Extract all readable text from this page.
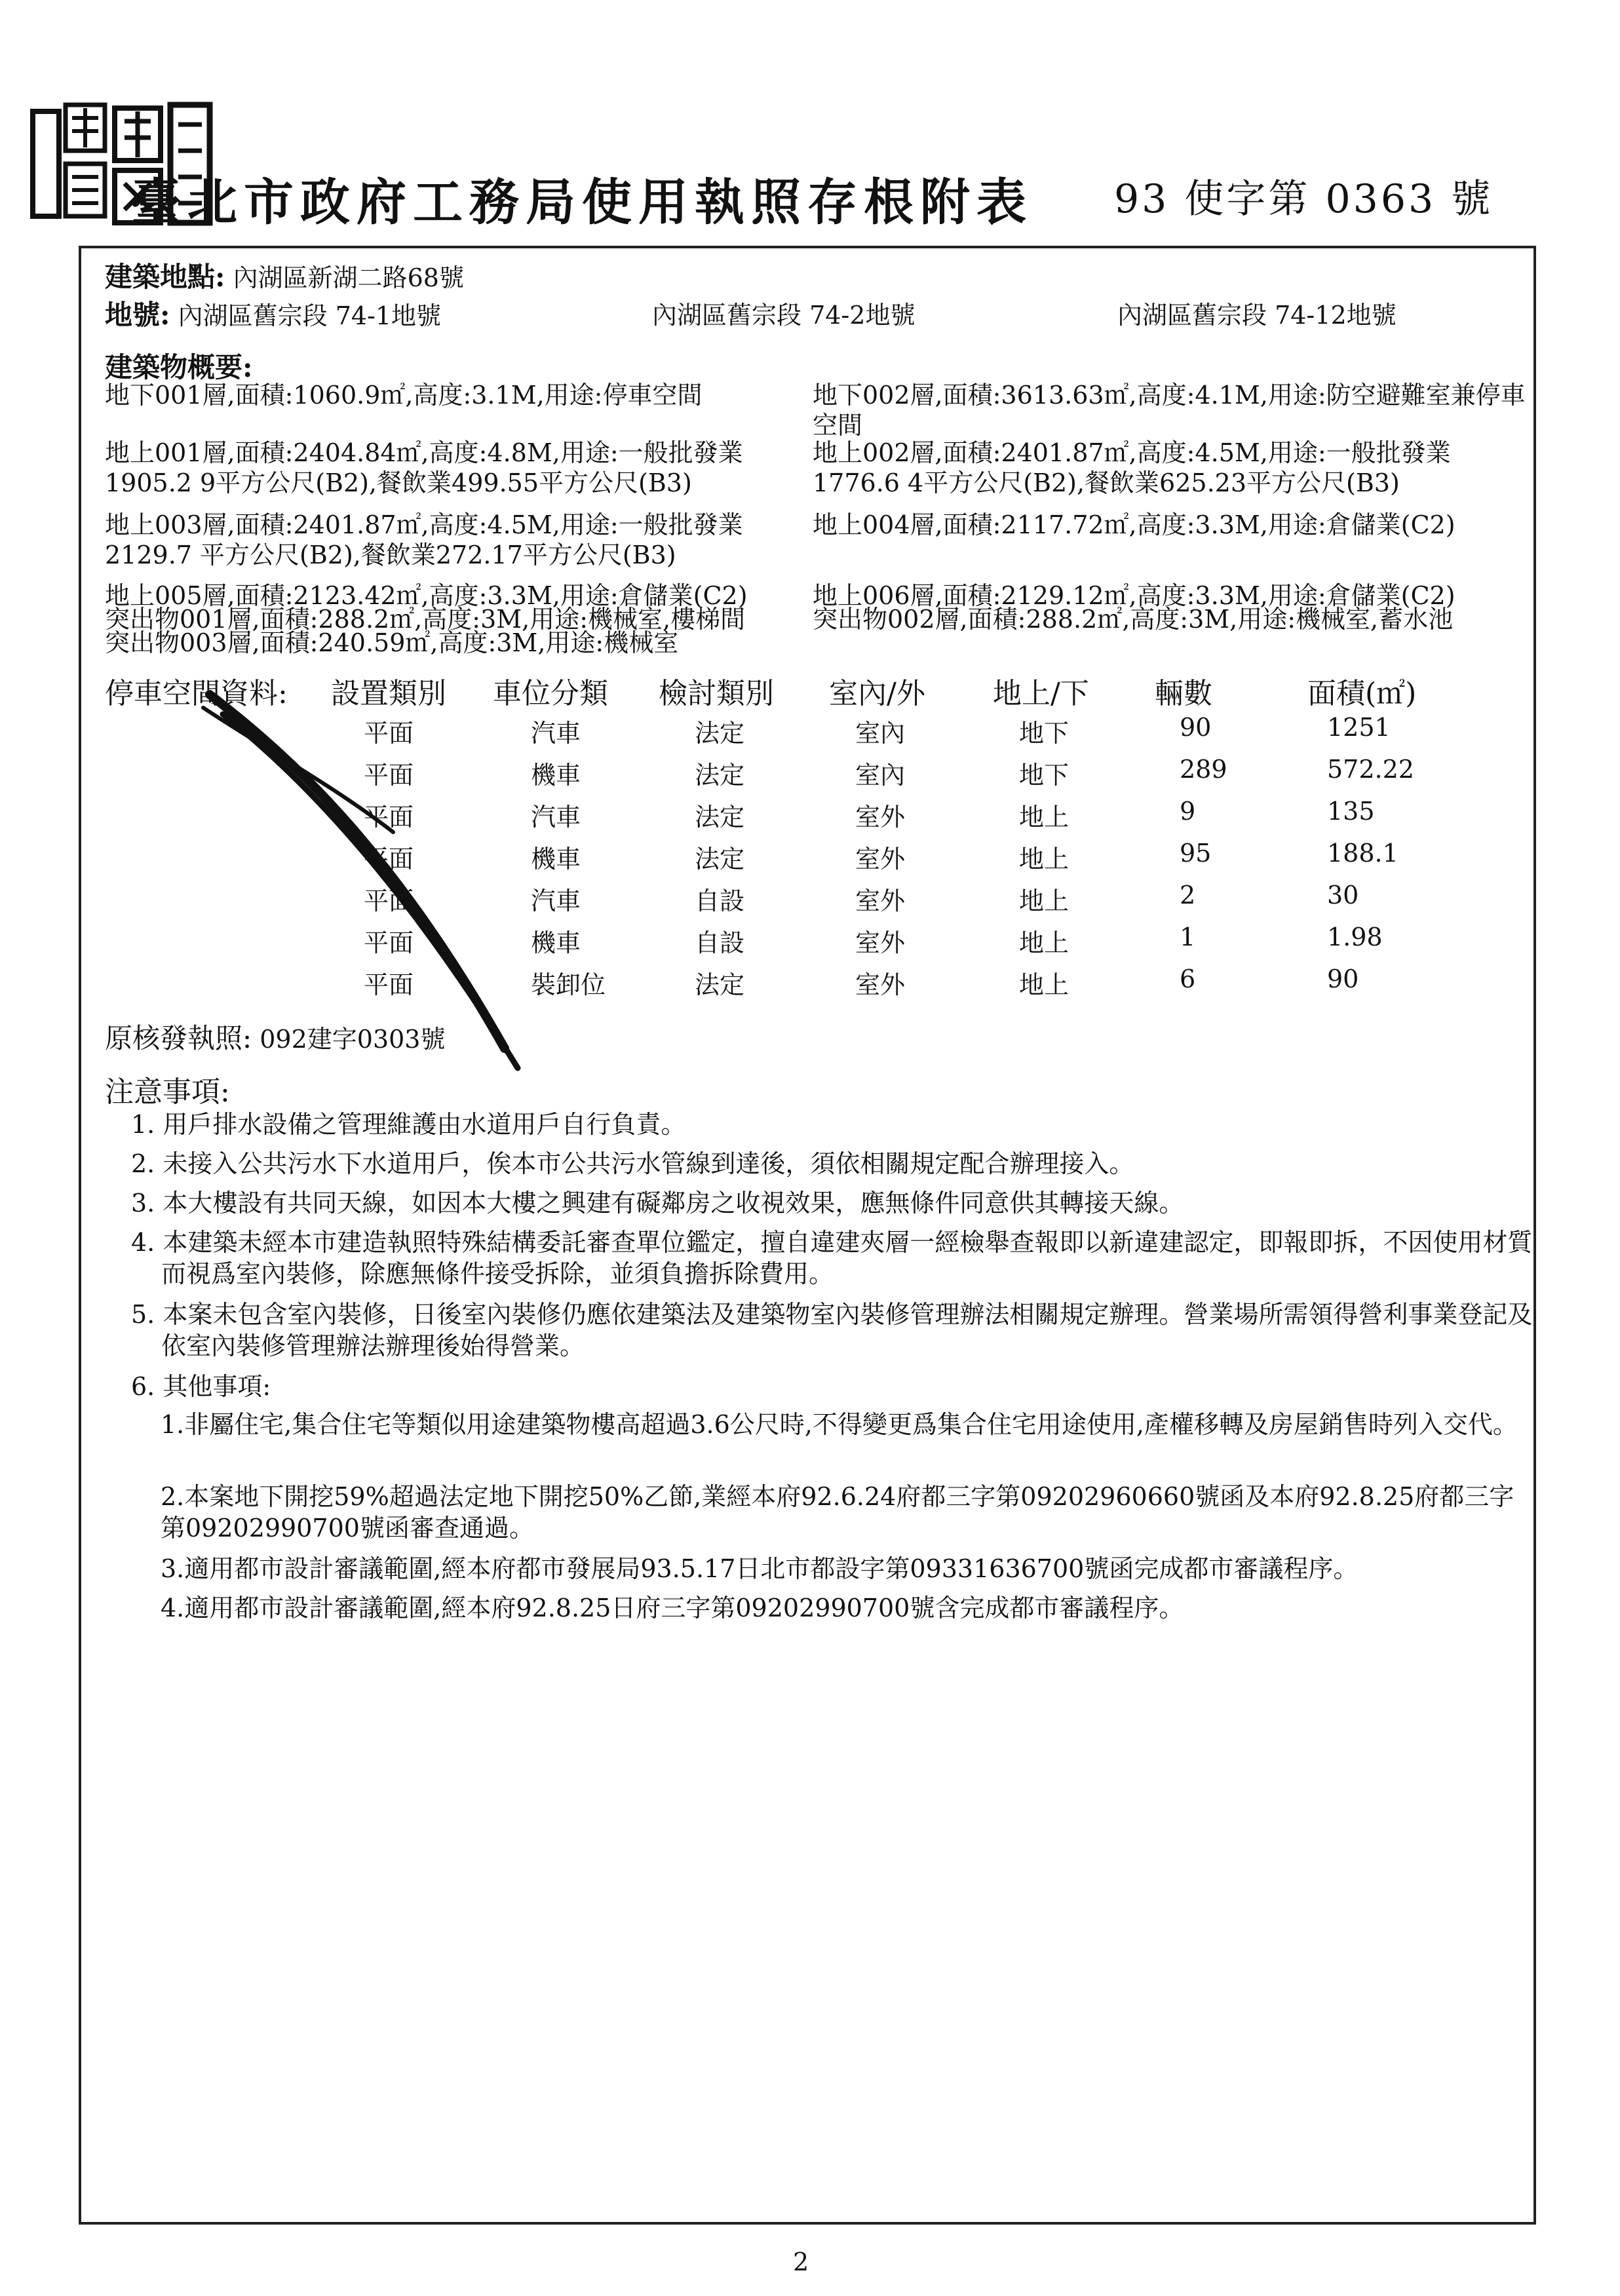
臺北市政府工務局使用執照存根附表 93 使字第 0363 號
建築地點: 內湖區新湖二路68號
地號: 內湖區舊宗段 74-1地號	內湖區舊宗段 74-2地號	內湖區舊宗段 74-12地號
建築物概要:
地下001層,面積:1060.9㎡,高度:3.1M,用途:停車空間
地上001層,面積:2404.84㎡,高度:4.8M,用途:一般批發業1905.2 9平方公尺(B2),餐飲業499.55平方公尺(B3)
地上003層,面積:2401.87㎡,高度:4.5M,用途:一般批發業2129.7 平方公尺(B2),餐飲業272.17平方公尺(B3)
地上005層,面積:2123.42㎡,高度:3.3M,用途:倉儲業(C2)
突出物001層,面積:288.2㎡,高度:3M,用途:機械室,樓梯間
突出物003層,面積:240.59㎡,高度:3M,用途:機械室
地下002層,面積:3613.63㎡,高度:4.1M,用途:防空避難室兼停車空間
地上002層,面積:2401.87㎡,高度:4.5M,用途:一般批發業1776.6 4平方公尺(B2),餐飲業625.23平方公尺(B3)
地上004層,面積:2117.72㎡,高度:3.3M,用途:倉儲業(C2)
地上006層,面積:2129.12㎡,高度:3.3M,用途:倉儲業(C2)
突出物002層,面積:288.2㎡,高度:3M,用途:機械室,蓄水池
停車空間資料: 設置類別 車位分類 檢討類別 室內/外 地上/下 輛數	面積(㎡)
平面	汽車	法定	室內	地下	90	1251
平面	機車	法定	室內	地下	289	572.22
平面	汽車	法定	室外	地上	9	135
平面	機車	法定	室外	地上	95	188.1
平面	汽車	自設	室外	地上	2	30
平面	機車	自設	室外	地上	1	1.98
平面	裝卸位	法定	室外	地上	6	90
原核發執照: 092建字0303號
注意事項:
1. 用戶排水設備之管理維護由水道用戶自行負責。
2. 未接入公共污水下水道用戶，俟本市公共污水管線到達後，須依相關規定配合辦理接入。
3. 本大樓設有共同天線，如因本大樓之興建有礙鄰房之收視效果，應無條件同意供其轉接天線。
4. 本建築未經本市建造執照特殊結構委託審查單位鑑定，擅自違建夾層一經檢舉查報即以新違建認定，即報即拆，不因使用材質而視爲室內裝修，除應無條件接受拆除，並須負擔拆除費用。
5. 本案未包含室內裝修，日後室內裝修仍應依建築法及建築物室內裝修管理辦法相關規定辦理。營業場所需領得營利事業登記及依室內裝修管理辦法辦理後始得營業。
6. 其他事項:
1.非屬住宅,集合住宅等類似用途建築物樓高超過3.6公尺時,不得變更爲集合住宅用途使用,產權移轉及房屋銷售時列入交代。
2.本案地下開挖59%超過法定地下開挖50%乙節,業經本府92.6.24府都三字第09202960660號函及本府92.8.25府都三字第09202990700號函審查通過。
3.適用都市設計審議範圍,經本府都市發展局93.5.17日北市都設字第09331636700號函完成都市審議程序。
4.適用都市設計審議範圍,經本府92.8.25日府三字第09202990700號含完成都市審議程序。
2
